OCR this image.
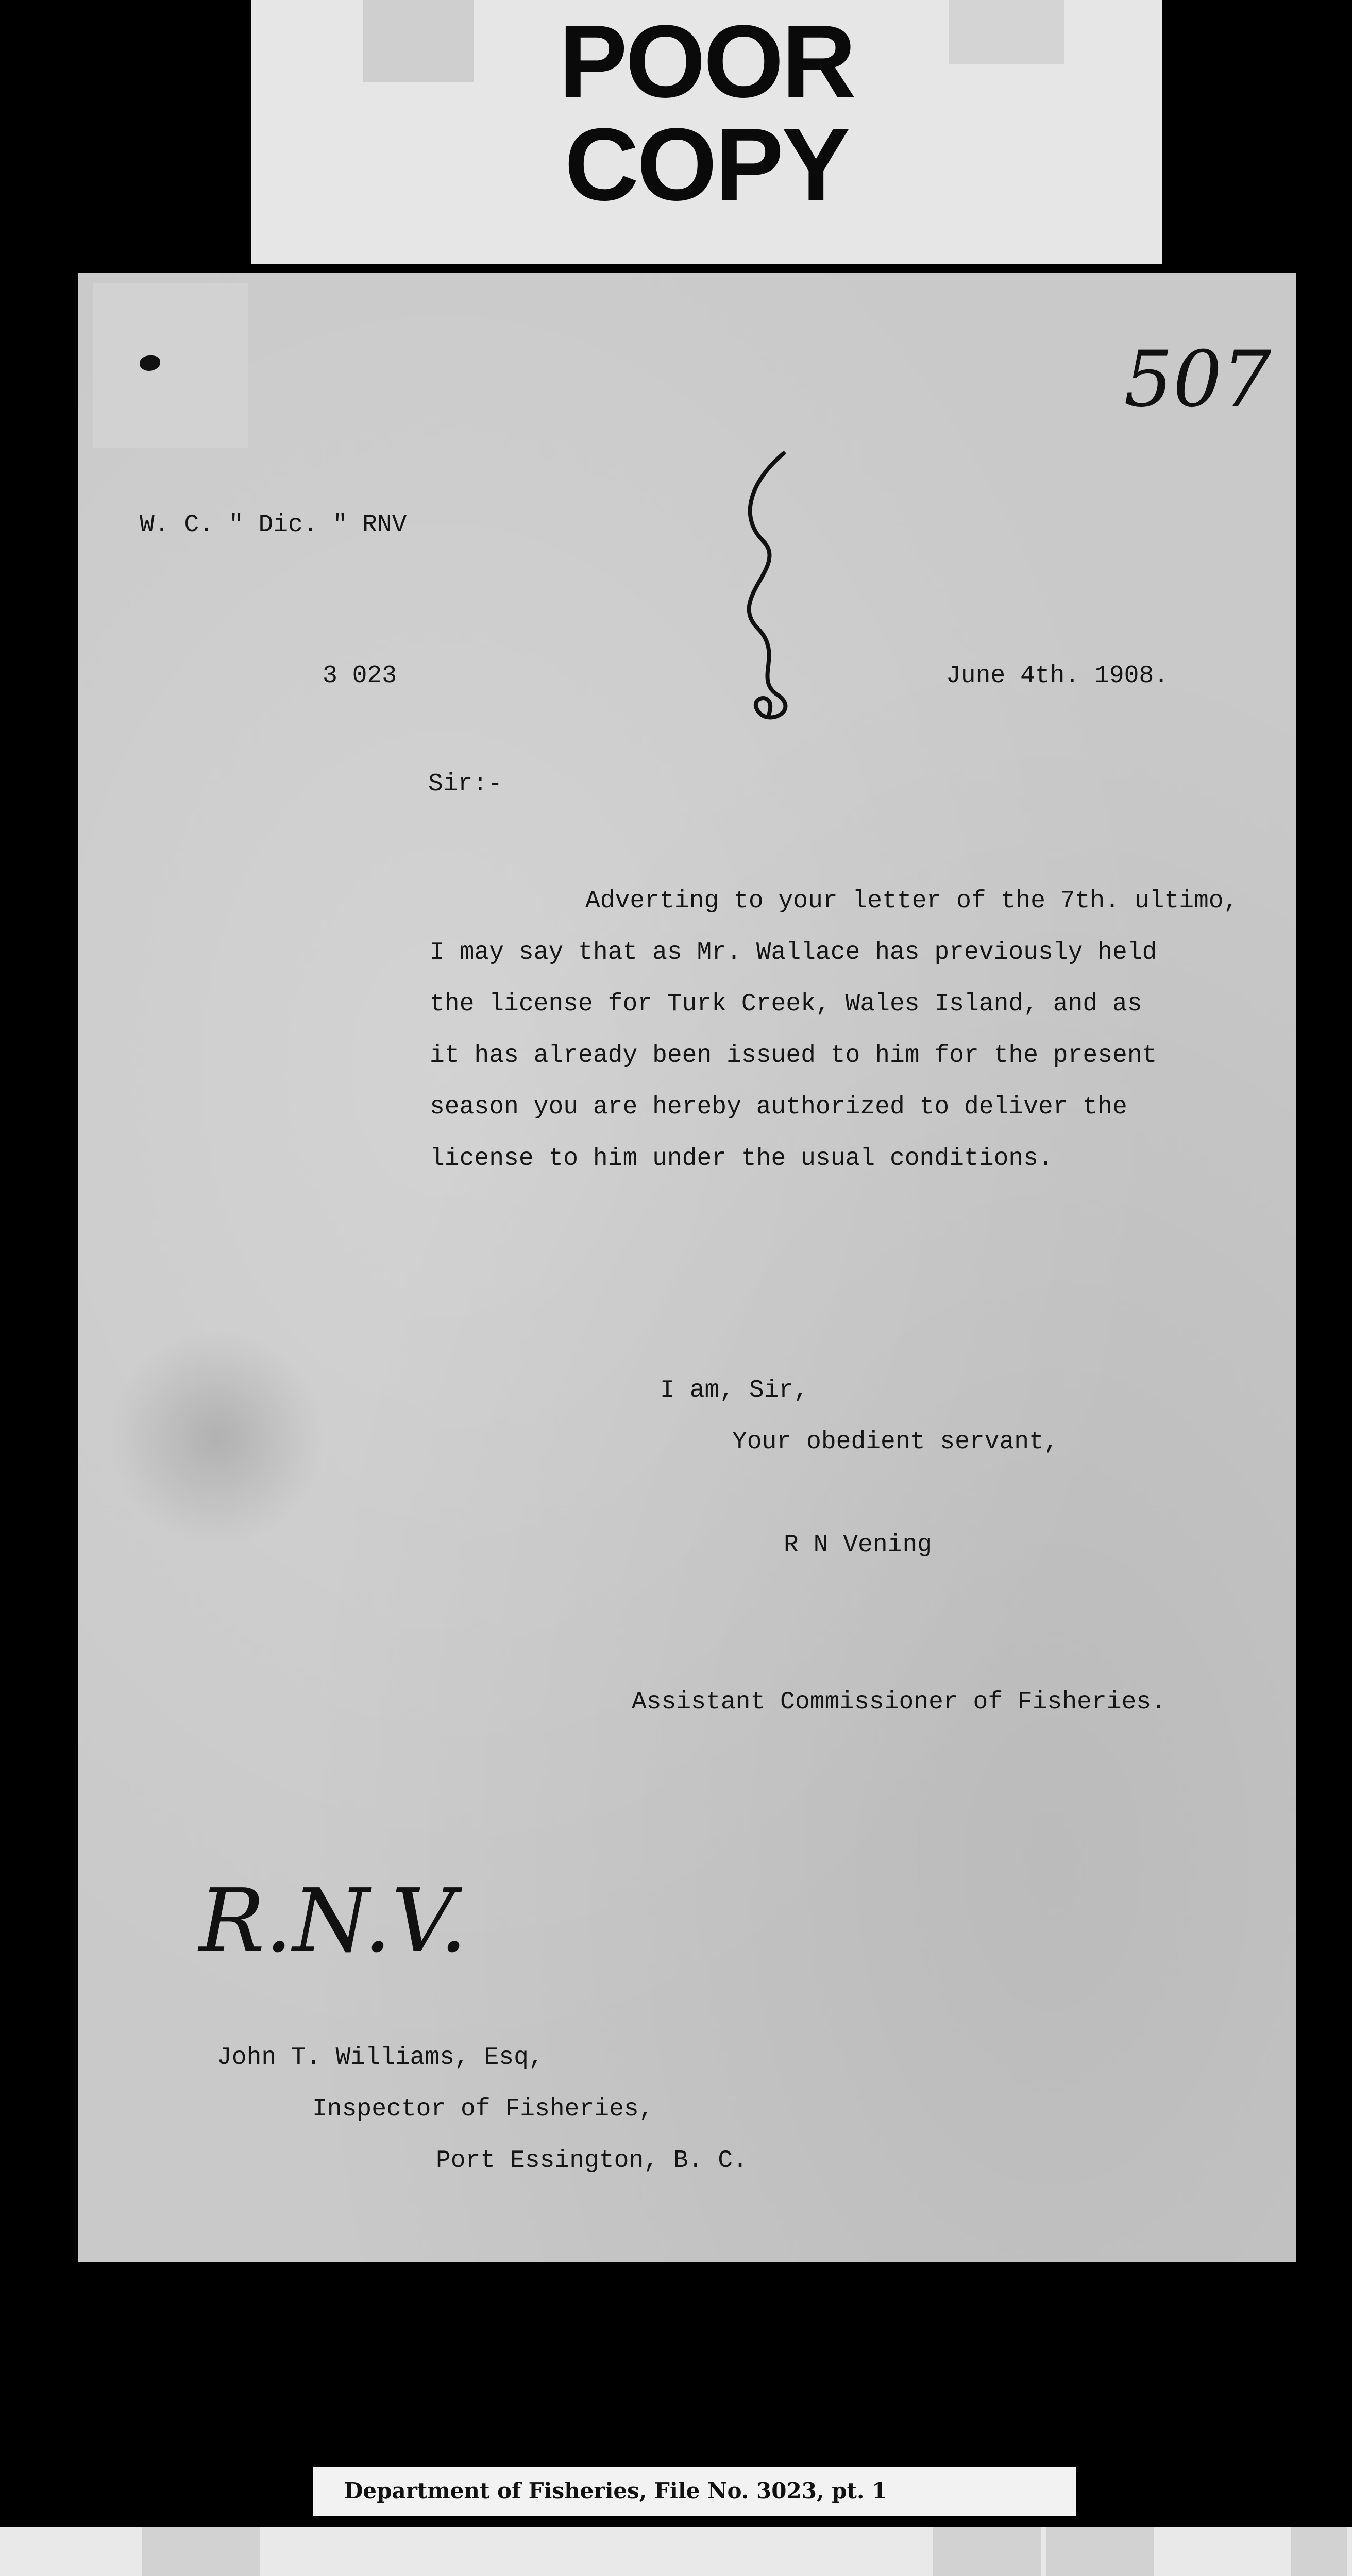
POOR
COPY
507
W. C. " Dic. " RNV
3 023	June 4th. 1908.
Sir:-
Adverting to your letter of the 7th. ultimo,
I may say that as Mr. Wallace has previously held
the license for Turk Creek, Wales Island, and as
it has already been issued to him for the present
season you are hereby authorized to deliver the
license to him under the usual conditions.
I am, Sir,
Your obedient servant,
R N Vening
Assistant Commissioner of Fisheries.
R.N.V.
John T. Williams, Esq,
Inspector of Fisheries,
Port Essington, B. C.
Department of Fisheries, File No. 3023, pt. 1
